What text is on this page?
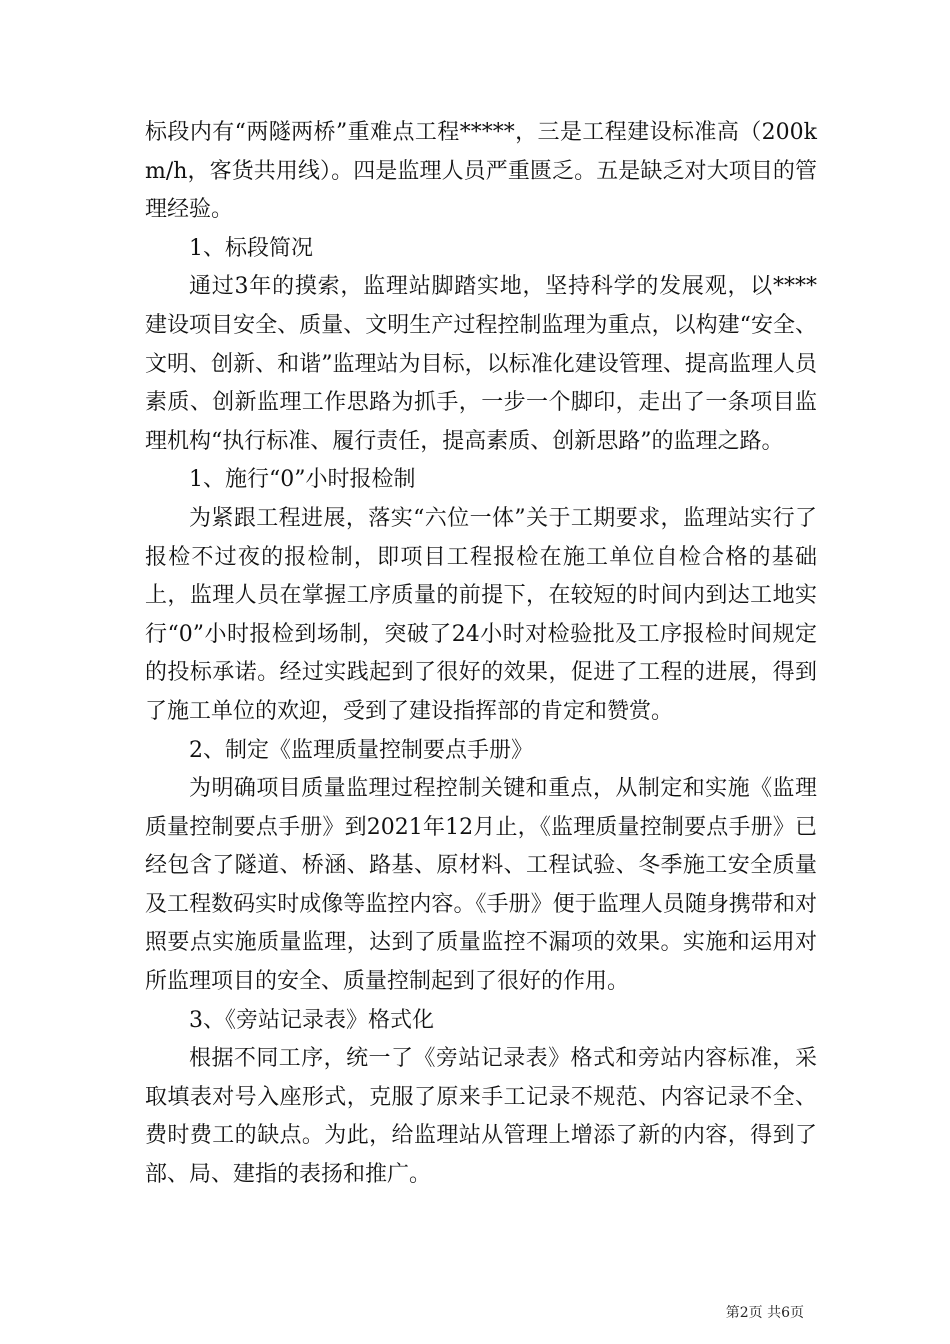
标段内有“两隧两桥”重难点工程*****，三是工程建设标准高（200km/h，客货共用线）。四是监理人员严重匮乏。五是缺乏对大项目的管理经验。

1、标段简况

通过3年的摸索，监理站脚踏实地，坚持科学的发展观，以****建设项目安全、质量、文明生产过程控制监理为重点，以构建“安全、文明、创新、和谐”监理站为目标，以标准化建设管理、提高监理人员素质、创新监理工作思路为抓手，一步一个脚印，走出了一条项目监理机构“执行标准、履行责任，提高素质、创新思路”的监理之路。

1、施行“0”小时报检制

为紧跟工程进展，落实“六位一体”关于工期要求，监理站实行了报检不过夜的报检制，即项目工程报检在施工单位自检合格的基础上，监理人员在掌握工序质量的前提下，在较短的时间内到达工地实行“0”小时报检到场制，突破了24小时对检验批及工序报检时间规定的投标承诺。经过实践起到了很好的效果，促进了工程的进展，得到了施工单位的欢迎，受到了建设指挥部的肯定和赞赏。

2、制定《监理质量控制要点手册》

为明确项目质量监理过程控制关键和重点，从制定和实施《监理质量控制要点手册》到2021年12月止，《监理质量控制要点手册》已经包含了隧道、桥涵、路基、原材料、工程试验、冬季施工安全质量及工程数码实时成像等监控内容。《手册》便于监理人员随身携带和对照要点实施质量监理，达到了质量监控不漏项的效果。实施和运用对所监理项目的安全、质量控制起到了很好的作用。

3、《旁站记录表》格式化

根据不同工序，统一了《旁站记录表》格式和旁站内容标准，采取填表对号入座形式，克服了原来手工记录不规范、内容记录不全、费时费工的缺点。为此，给监理站从管理上增添了新的内容，得到了部、局、建指的表扬和推广。

第2页 共6页
